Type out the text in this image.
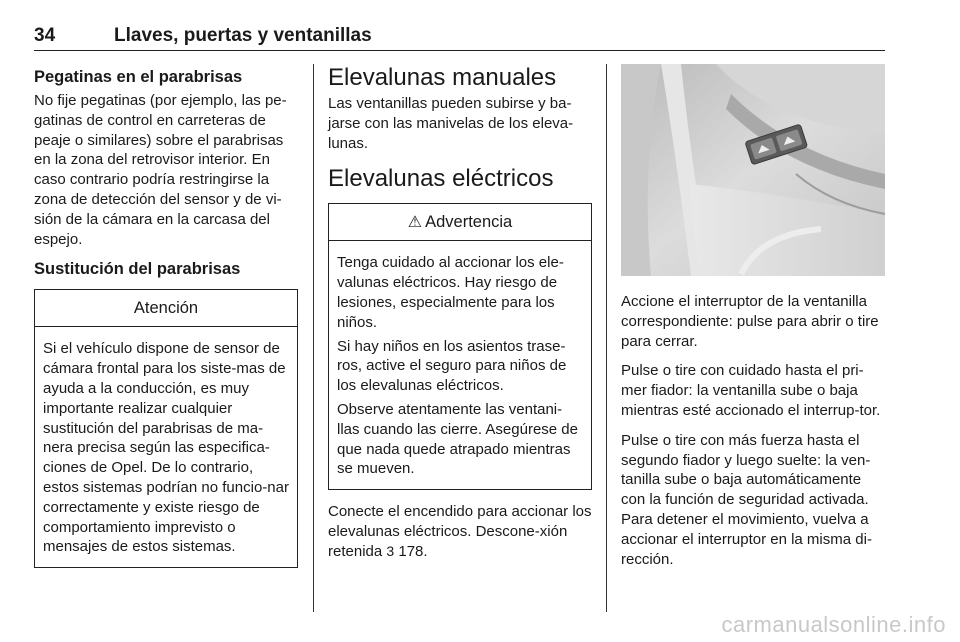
34	Llaves, puertas y ventanillas
Pegatinas en el parabrisas

No fije pegatinas (por ejemplo, las pe-gatinas de control en carreteras de peaje o similares) sobre el parabrisas en la zona del retrovisor interior. En caso contrario podría restringirse la zona de detección del sensor y de vi-sión de la cámara en la carcasa del espejo.

Sustitución del parabrisas
Atención

Si el vehículo dispone de sensor de cámara frontal para los siste-mas de ayuda a la conducción, es muy importante realizar cualquier sustitución del parabrisas de ma-nera precisa según las especifica-ciones de Opel. De lo contrario, estos sistemas podrían no funcio-nar correctamente y existe riesgo de comportamiento imprevisto o mensajes de estos sistemas.

Elevalunas manuales

Las ventanillas pueden subirse y ba-jarse con las manivelas de los eleva-lunas.

Elevalunas eléctricos
⚠ Advertencia

Tenga cuidado al accionar los ele-valunas eléctricos. Hay riesgo de lesiones, especialmente para los niños.

Si hay niños en los asientos trase-ros, active el seguro para niños de los elevalunas eléctricos.

Observe atentamente las ventani-llas cuando las cierre. Asegúrese de que nada quede atrapado mientras se mueven.

Conecte el encendido para accionar los elevalunas eléctricos. Descone-xión retenida 3 178.

Accione el interruptor de la ventanilla correspondiente: pulse para abrir o tire para cerrar.

Pulse o tire con cuidado hasta el pri-mer fiador: la ventanilla sube o baja mientras esté accionado el interrup-tor.

Pulse o tire con más fuerza hasta el segundo fiador y luego suelte: la ven-tanilla sube o baja automáticamente con la función de seguridad activada. Para detener el movimiento, vuelva a accionar el interruptor en la misma di-rección.

carmanualsonline.info
